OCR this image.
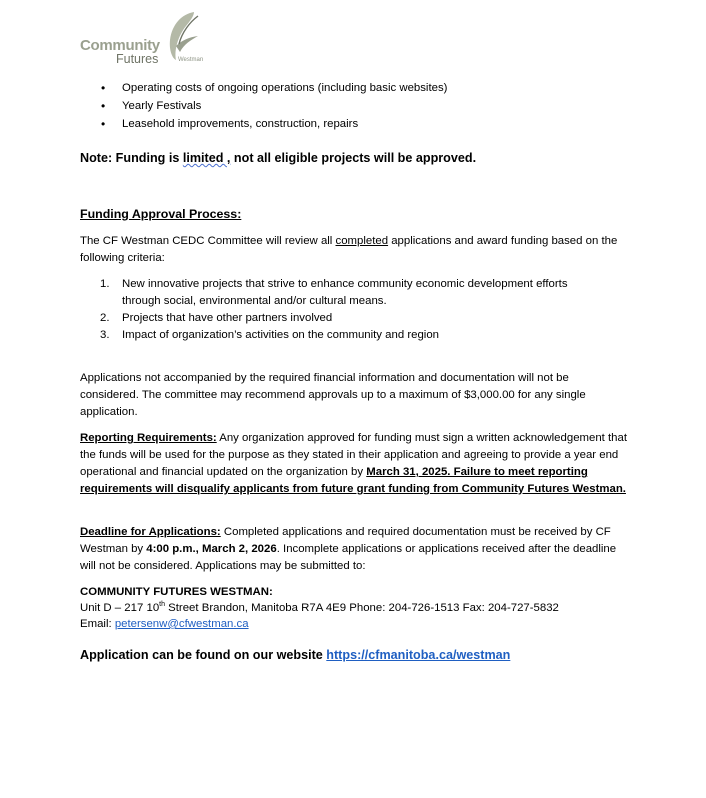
Community
Futures	Westman
• Operating costs of ongoing operations (including basic websites)
• Yearly Festivals
• Leasehold improvements, construction, repairs
Note: Funding is limited , not all eligible projects will be approved.
Funding Approval Process:
The CF Westman CEDC Committee will review all completed applications and award funding based on the following criteria:
1. New innovative projects that strive to enhance community economic development efforts through social, environmental and/or cultural means.
2. Projects that have other partners involved
3. Impact of organization’s activities on the community and region
Applications not accompanied by the required financial information and documentation will not be considered. The committee may recommend approvals up to a maximum of $3,000.00 for any single application.
Reporting Requirements: Any organization approved for funding must sign a written acknowledgement that the funds will be used for the purpose as they stated in their application and agreeing to provide a year end operational and financial updated on the organization by March 31, 2025. Failure to meet reporting requirements will disqualify applicants from future grant funding from Community Futures Westman.
Deadline for Applications: Completed applications and required documentation must be received by CF Westman by 4:00 p.m., March 2, 2026. Incomplete applications or applications received after the deadline will not be considered. Applications may be submitted to:
COMMUNITY FUTURES WESTMAN:
Unit D – 217 10th Street Brandon, Manitoba R7A 4E9 Phone: 204-726-1513 Fax: 204-727-5832
Email: petersenw@cfwestman.ca
Application can be found on our website https://cfmanitoba.ca/westman
